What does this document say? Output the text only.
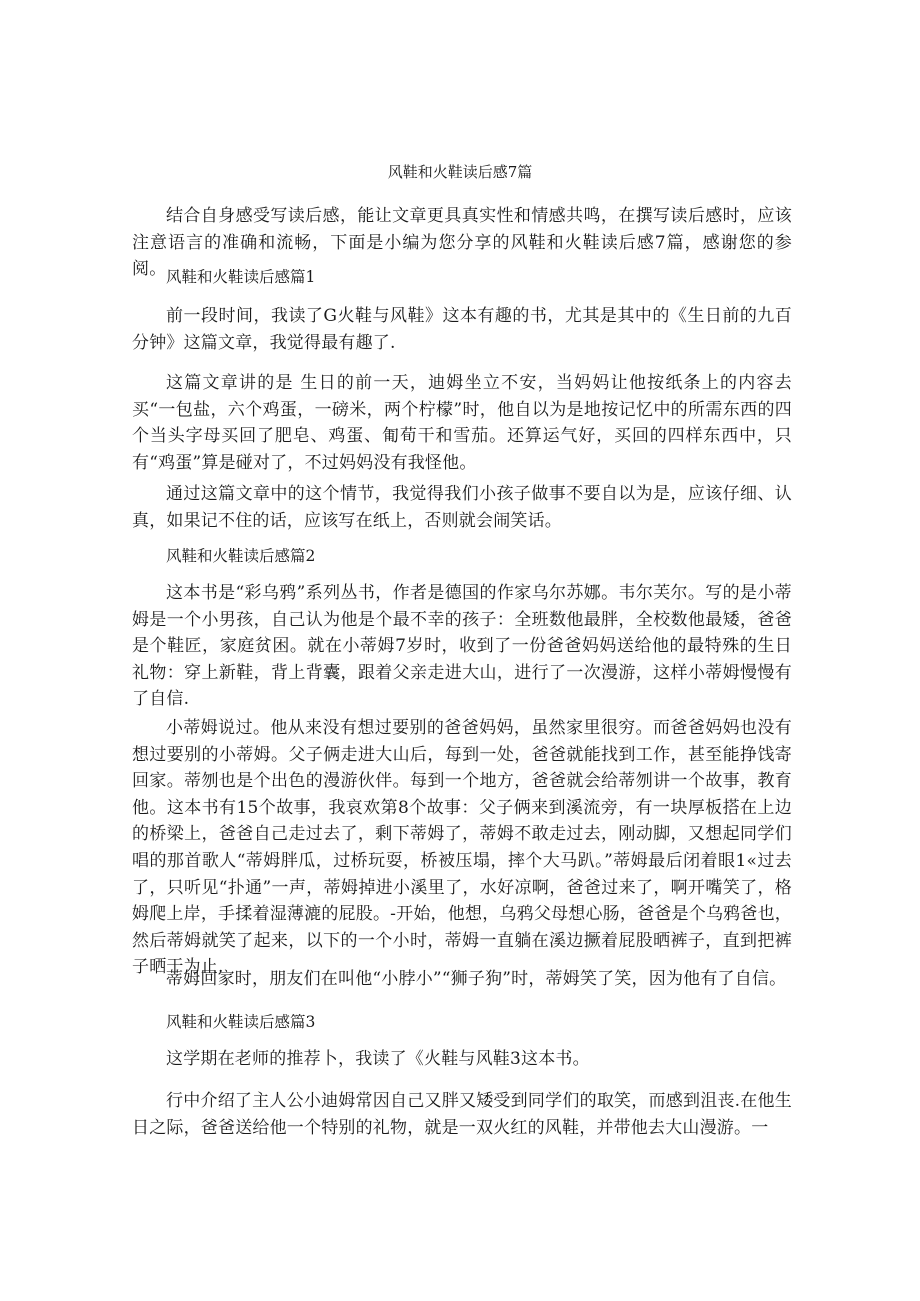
风鞋和火鞋读后感7篇

结合自身感受写读后感，能让文章更具真实性和情感共鸣，在撰写读后感时，应该注意语言的准确和流畅，下面是小编为您分享的风鞋和火鞋读后感7篇，感谢您的参阅。 风鞋和火鞋读后感篇1

前一段时间，我读了G火鞋与风鞋》这本有趣的书，尤其是其中的《生日前的九百分钟》这篇文章，我觉得最有趣了.

这篇文章讲的是 生日的前一天，迪姆坐立不安，当妈妈让他按纸条上的内容去买“一包盐，六个鸡蛋，一磅米，两个柠檬”时，他自以为是地按记忆中的所需东西的四个当头字母买回了肥皂、鸡蛋、匍荀干和雪茄。还算运气好，买回的四样东西中，只有“鸡蛋”算是碰对了，不过妈妈没有我怪他。

通过这篇文章中的这个情节，我觉得我们小孩子做事不要自以为是，应该仔细、认真，如果记不住的话，应该写在纸上，否则就会闹笑话。

风鞋和火鞋读后感篇2

这本书是“彩乌鸦”系列丛书，作者是德国的作家乌尔苏娜。韦尔芙尔。写的是小蒂姆是一个小男孩，自己认为他是个最不幸的孩子：全班数他最胖，全校数他最矮，爸爸是个鞋匠，家庭贫困。就在小蒂姆7岁时，收到了一份爸爸妈妈送给他的最特殊的生日礼物：穿上新鞋，背上背囊，跟着父亲走进大山，进行了一次漫游，这样小蒂姆慢慢有了自信.

小蒂姆说过。他从来没有想过要别的爸爸妈妈，虽然家里很穷。而爸爸妈妈也没有想过要别的小蒂姆。父子俩走进大山后，每到一处，爸爸就能找到工作，甚至能挣饯寄回家。蒂刎也是个出色的漫游伙伴。每到一个地方，爸爸就会给蒂刎讲一个故事，教育他。这本书有15个故事，我哀欢第8个故事：父子俩来到溪流旁，有一块厚板搭在上边的桥梁上，爸爸自己走过去了，剩下蒂姆了，蒂姆不敢走过去，刚动脚，又想起同学们唱的那首歌人“蒂姆胖瓜，过桥玩耍，桥被压塌，摔个大马趴。”蒂姆最后闭着眼1«过去了，只听见“扑通”一声，蒂姆掉进小溪里了，水好凉啊，爸爸过来了，啊开嘴笑了，格姆爬上岸，手揉着湿薄漉的屁股。-开始，他想，乌鸦父母想心肠，爸爸是个乌鸦爸也，然后蒂姆就笑了起来，以下的一个小时，蒂姆一直躺在溪边撅着屁股晒裤子，直到把裤子晒干为止.

蒂姆回家时，朋友们在叫他“小脖小”“狮子狗”时，蒂姆笑了笑，因为他有了自信。

风鞋和火鞋读后感篇3

这学期在老师的推荐卜，我读了《火鞋与风鞋3这本书。

行中介绍了主人公小迪姆常因自己又胖又矮受到同学们的取笑，而感到沮丧.在他生日之际，爸爸送给他一个特别的礼物，就是一双火红的风鞋，并带他去大山漫游。一
